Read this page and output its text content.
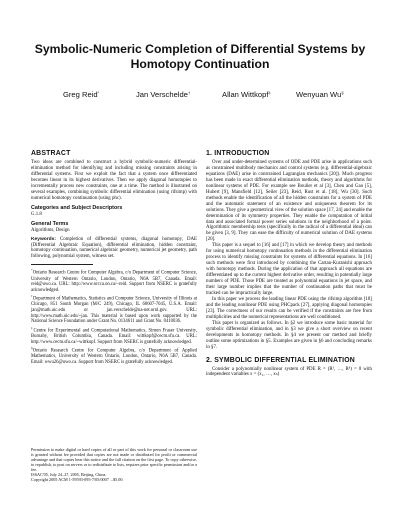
Symbolic-Numeric Completion of Differential Systems by
Homotopy Continuation
Greg Reid*	Jan Verschelde†	Allan Wittkopf‡	Wenyuan Wu§
ABSTRACT

Two ideas are combined to construct a hybrid symbolic-numeric differential-elimination method for identifying and including missing constraints arising in differential systems. First we exploit the fact that a system once differentiated becomes linear in its highest derivatives. Then we apply diagonal homotopies to incrementally process new constraints, one at a time. The method is illustrated on several examples, combining symbolic differential elimination (using rifsimp) with numerical homotopy continuation (using phc).

Categories and Subject Descriptors

G.1.8

General Terms

Algorithms, Design

Keywords: Completion of differential systems, diagonal homotopy, DAE (Differential Algebraic Equation), differential elimination, hidden constraint, homotopy continuation, numerical algebraic geometry, numerical jet geometry, path following, polynomial system, witness set.

*Ontario Research Centre for Computer Algebra, c/o Department of Computer Science, University of Western Ontario, London, Ontario, N6A 5B7, Canada. Email: reid@uwo.ca. URL: http://www.orcca.on.ca/~reid. Support from NSERC is gratefully acknowledged.

†Department of Mathematics, Statistics and Computer Science, University of Illinois at Chicago, 851 South Morgan (M/C 249), Chicago, IL 60607-7045, U.S.A. Email: jan@math.uic.edu or jan.verschelde@na-net.ornl.gov. URL: http://www.math.uic.edu/~jan. This material is based upon work supported by the National Science Foundation under Grant No. 0134611 and Grant No. 0410036.

‡Centre for Experimental and Computational Mathematics, Simon Fraser University, Burnaby, British Columbia, Canada. Email: wittkopf@cecm.sfu.ca. URL: http://www.cecm.sfu.ca/~wittkopf. Support from NSERC is gratefully acknowledged.

§Ontario Research Centre for Computer Algebra, c/o Department of Applied Mathematics, University of Western Ontario, London, Ontario, N6A 5B7, Canada. Email: wwu26@uwo.ca. Support from NSERC is gratefully acknowledged.

Permission to make digital or hard copies of all or part of this work for personal or classroom use is granted without fee provided that copies are not made or distributed for profit or commercial advantage and that copies bear this notice and the full citation on the first page. To copy otherwise, to republish, to post on servers or to redistribute to lists, requires prior specific permission and/or a fee.
ISSAC'05, July 24–27, 2005, Beijing, China.
Copyright 2005 ACM 1-59593-095-7/05/0007 ...$5.00.
1. INTRODUCTION

Over and under-determined systems of ODE and PDE arise in applications such as constrained multibody mechanics and control systems (e.g. differential-algebraic equations (DAE) arise in constrained Lagrangian mechanics [20]). Much progress has been made in exact differential elimination methods, theory and algorithms for nonlinear systems of PDE. For example see Boulier et al [3], Chen and Gao [5], Hubert [9], Mansfield [12], Seiler [23], Reid, Rust et al. [18], Wu [30]. Such methods enable the identification of all the hidden constraints for a system of PDE and the automatic statement of an existence and uniqueness theorem for its solutions. They give a geometrical view of the solution space [17, 24] and enable the determination of its symmetry properties. They enable the computation of initial data and associated formal power series solutions in the neighborhood of a point. Algorithmic membership tests (specifically in the radical of a differential ideal) can be given [3, 9]. They can ease the difficulty of numerical solution of DAE systems [20].

This paper is a sequel to [16] and [17] in which we develop theory and methods for using numerical homotopy continuation methods in the differential elimination process to identify missing constraints for systems of differential equations. In [16] such methods were first introduced by combining the Cartan-Kuranishi approach with homotopy methods. During the application of that approach all equations are differentiated up to the current highest derivative order, resulting in potentially large numbers of PDE. Those PDE are treated as polynomial equations in jet space, and their large number implies that the number of continuation paths that must be tracked can be impractically large.

In this paper we process the leading linear PDE using the rifsimp algorithm [18] and the leading nonlinear PDE using PHCpack [27], applying diagonal homotopies [23]. The correctness of our results can be verified if the constraints are free from multiplicities and the numerical representations are well conditioned.

This paper is organized as follows. In §2 we introduce some basic material for symbolic differential elimination, and in §3 we give a short overview on recent developments in homotopy methods. In §4 we present our method and briefly outline some optimizations in §5. Examples are given in §6 and concluding remarks in §7.

2. SYMBOLIC DIFFERENTIAL ELIMINATION

Consider a polynomially nonlinear system of PDE R = (R¹, …, Rᵏ) = 0 with independent variables x = (x₁, …, xₙ)
